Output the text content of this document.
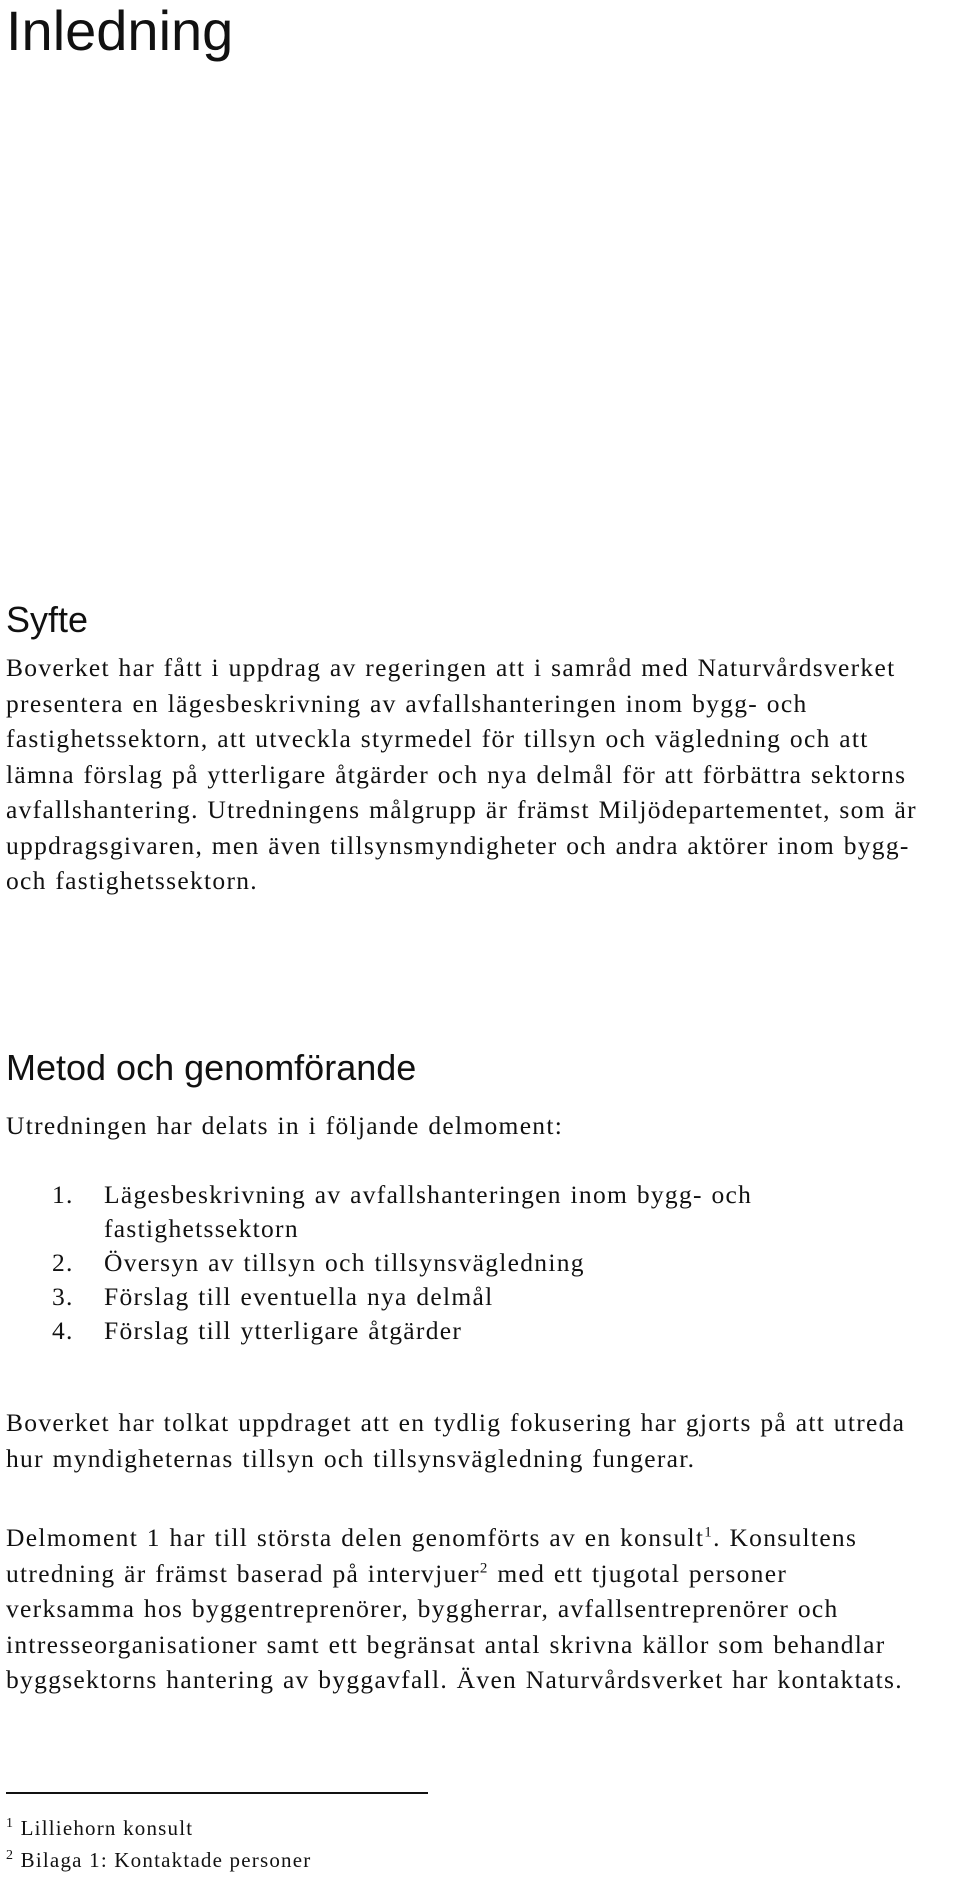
Inledning
Syfte

Boverket har fått i uppdrag av regeringen att i samråd med Naturvårdsverket presentera en lägesbeskrivning av avfallshanteringen inom bygg- och fastighetssektorn, att utveckla styrmedel för tillsyn och vägledning och att lämna förslag på ytterligare åtgärder och nya delmål för att förbättra sektorns avfallshantering. Utredningens målgrupp är främst Miljödepartementet, som är uppdragsgivaren, men även tillsynsmyndigheter och andra aktörer inom bygg- och fastighetssektorn.

Metod och genomförande

Utredningen har delats in i följande delmoment:

1. Lägesbeskrivning av avfallshanteringen inom bygg- och fastighetssektorn
2. Översyn av tillsyn och tillsynsvägledning
3. Förslag till eventuella nya delmål
4. Förslag till ytterligare åtgärder

Boverket har tolkat uppdraget att en tydlig fokusering har gjorts på att utreda hur myndigheternas tillsyn och tillsynsvägledning fungerar.

Delmoment 1 har till största delen genomförts av en konsult$^1$. Konsultens utredning är främst baserad på intervjuer$^2$ med ett tjugotal personer verksamma hos byggentreprenörer, byggherrar, avfallsentreprenörer och intresseorganisationer samt ett begränsat antal skrivna källor som behandlar byggsektorns hantering av byggavfall. Även Naturvårdsverket har kontaktats.

$^1$ Lilliehorn konsult
$^2$ Bilaga 1: Kontaktade personer
